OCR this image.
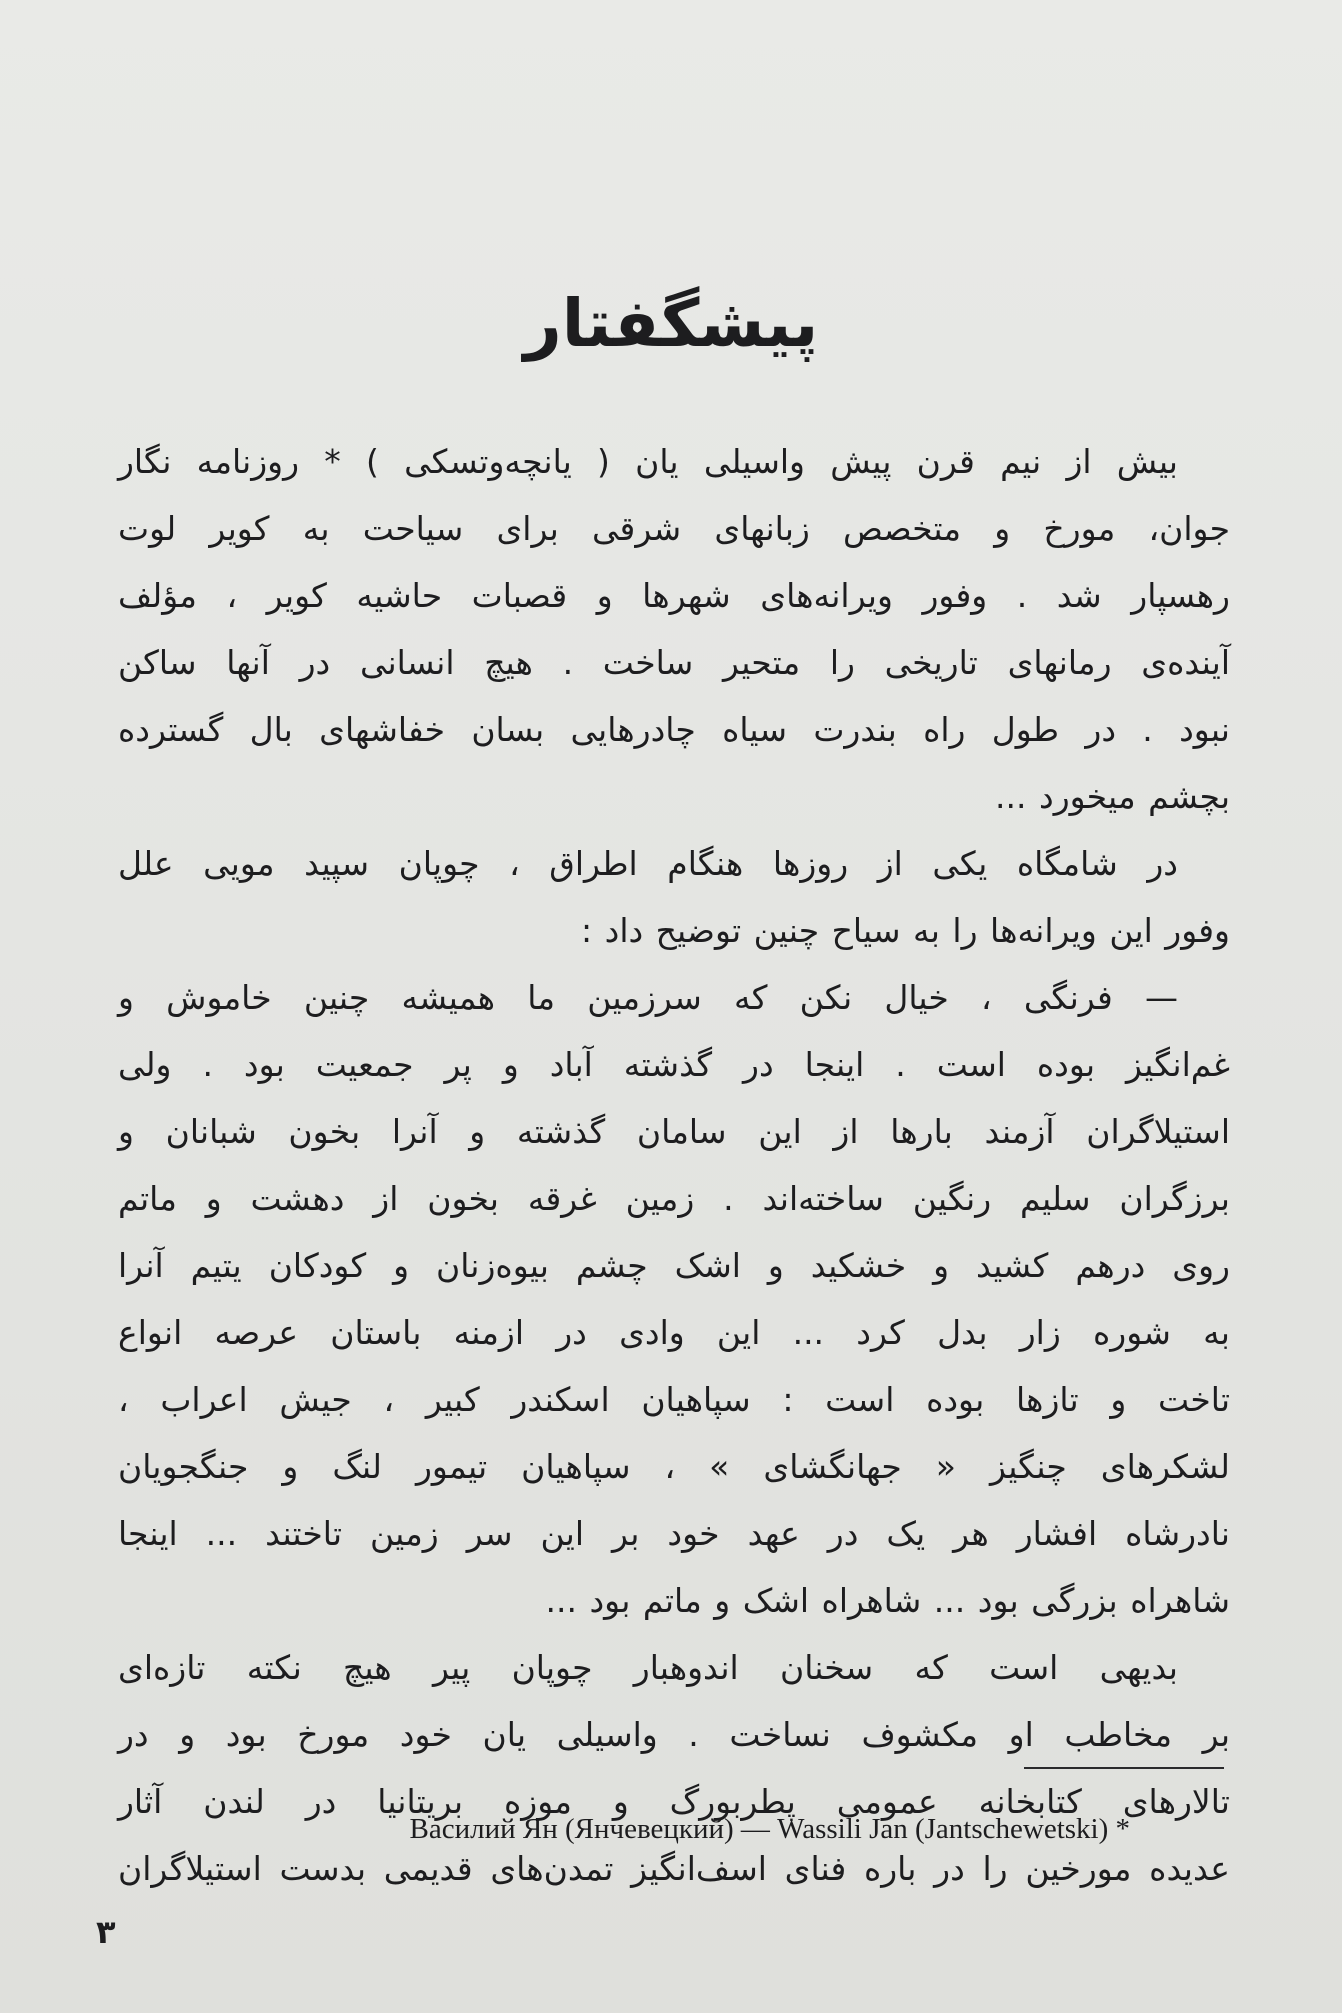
پیشگفتار
بیش از نیم قرن پیش واسیلی یان ( یانچه‌وتسکی ) * روزنامه نگار
جوان، مورخ و متخصص زبانهای شرقی برای سیاحت به کویر لوت
رهسپار شد . وفور ویرانه‌های شهرها و قصبات حاشیه کویر ، مؤلف
آینده‌ی رمانهای تاریخی را متحیر ساخت . هیچ انسانی در آنها ساکن
نبود . در طول راه بندرت سیاه چادرهایی بسان خفاشهای بال گسترده
بچشم میخورد ...
در شامگاه یکی از روزها هنگام اطراق ، چوپان سپید مویی علل
وفور این ویرانه‌ها را به سیاح چنین توضیح داد :
— فرنگی ، خیال نکن که سرزمین ما همیشه چنین خاموش و
غم‌انگیز بوده است . اینجا در گذشته آباد و پر جمعیت بود . ولی
استیلاگران آزمند بارها از این سامان گذشته و آنرا بخون شبانان و
برزگران سلیم رنگین ساخته‌اند . زمین غرقه بخون از دهشت و ماتم
روی درهم کشید و خشکید و اشک چشم بیوه‌زنان و کودکان یتیم آنرا
به شوره زار بدل کرد ... این وادی در ازمنه باستان عرصه انواع
تاخت و تازها بوده است : سپاهیان اسکندر کبیر ، جیش اعراب ،
لشکرهای چنگیز « جهانگشای » ، سپاهیان تیمور لنگ و جنگجویان
نادرشاه افشار هر یک در عهد خود بر این سر زمین تاختند ... اینجا
شاهراه بزرگی بود ... شاهراه اشک و ماتم بود ...
بدیهی است که سخنان اندوهبار چوپان پیر هیچ نکته تازه‌ای
بر مخاطب او مکشوف نساخت . واسیلی یان خود مورخ بود و در
تالارهای کتابخانه عمومی پطربورگ و موزه بریتانیا در لندن آثار
عدیده مورخین را در باره فنای اسف‌انگیز تمدن‌های قدیمی بدست استیلاگران
Василий Ян (Янчевецкий) — Wassili Jan (Jantschewetski) *
۳
